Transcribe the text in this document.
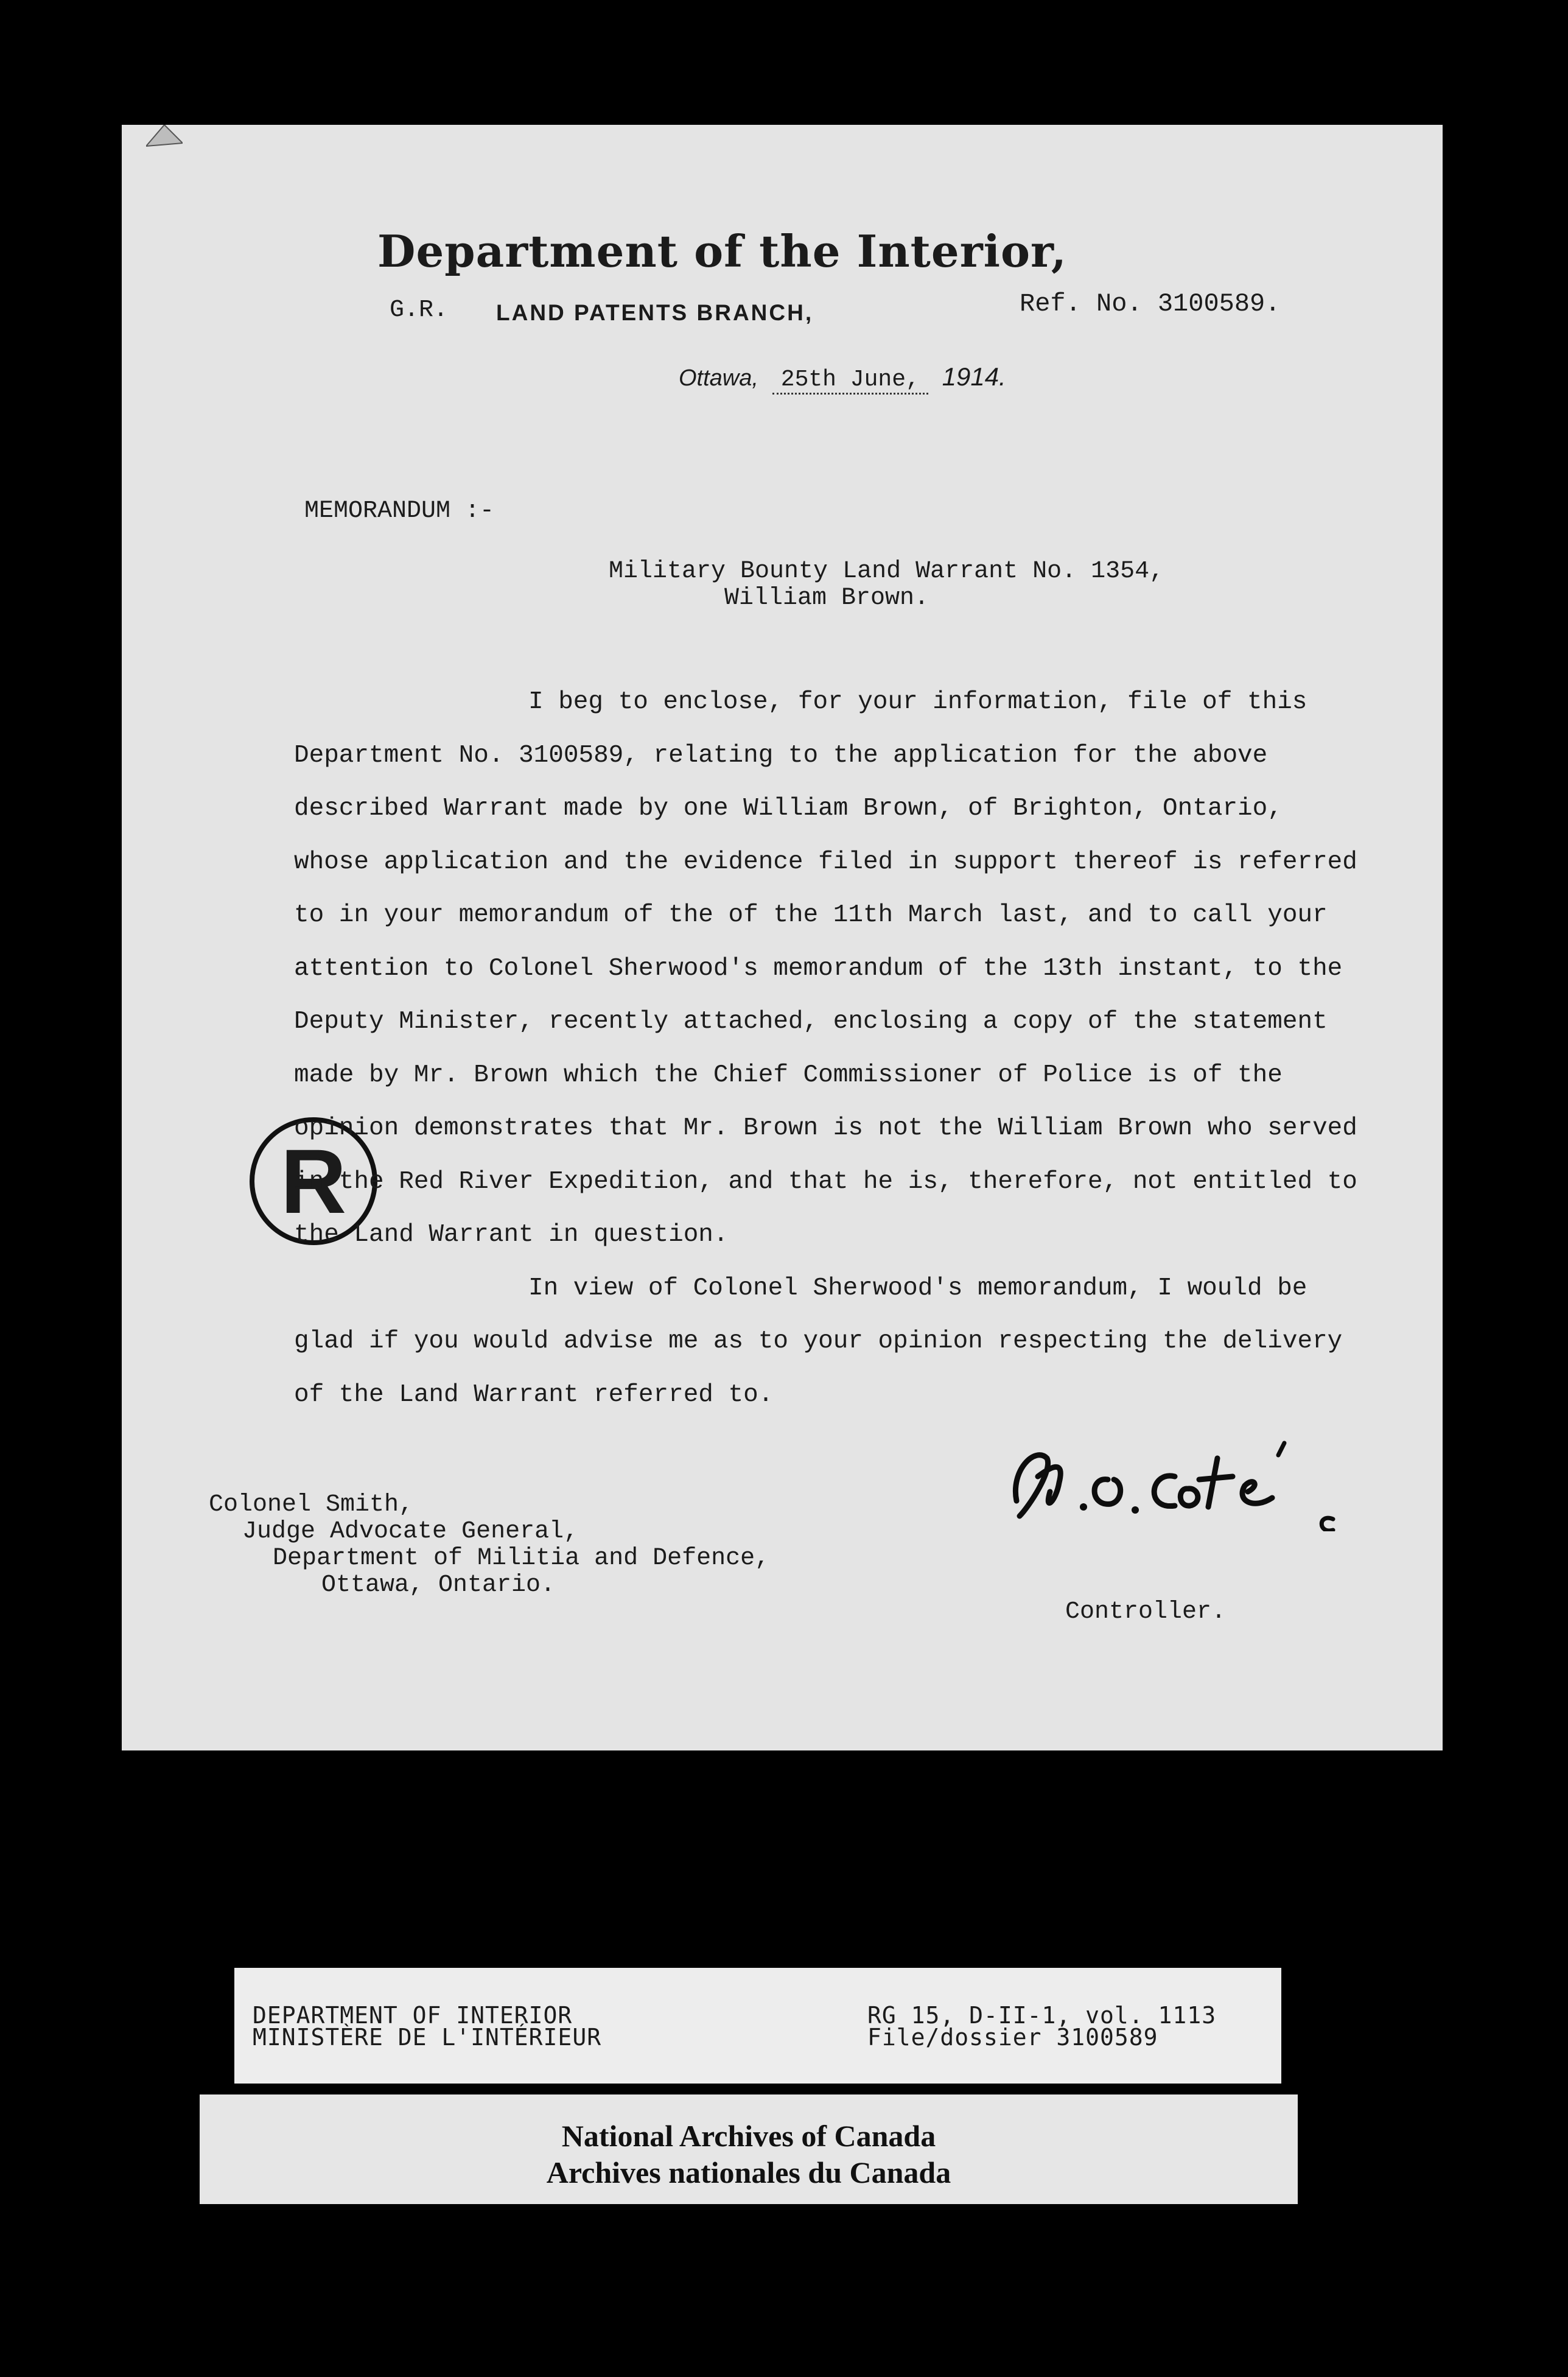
Department of the Interior,
G.R. LAND PATENTS BRANCH,	Ref. No. 3100589.
Ottawa, 25th June, 1914.
MEMORANDUM :-
Military Bounty Land Warrant No. 1354,
William Brown.
R

I beg to enclose, for your information, file of this Department No. 3100589, relating to the application for the above described Warrant made by one William Brown, of Brighton, Ontario, whose application and the evidence filed in support thereof is referred to in your memorandum of the of the 11th March last, and to call your attention to Colonel Sherwood's memorandum of the 13th instant, to the Deputy Minister, recently attached, enclosing a copy of the statement made by Mr. Brown which the Chief Commissioner of Police is of the opinion demonstrates that Mr. Brown is not the William Brown who served in the Red River Expedition, and that he is, therefore, not entitled to the Land Warrant in question.

In view of Colonel Sherwood's memorandum, I would be glad if you would advise me as to your opinion respecting the delivery of the Land Warrant referred to.

Colonel Smith,
Judge Advocate General,
Department of Militia and Defence,
Ottawa, Ontario.
Controller.
DEPARTMENT OF INTERIOR
MINISTÈRE DE L'INTÉRIEUR
RG 15, D-II-1, vol. 1113
File/dossier 3100589
National Archives of Canada
Archives nationales du Canada
